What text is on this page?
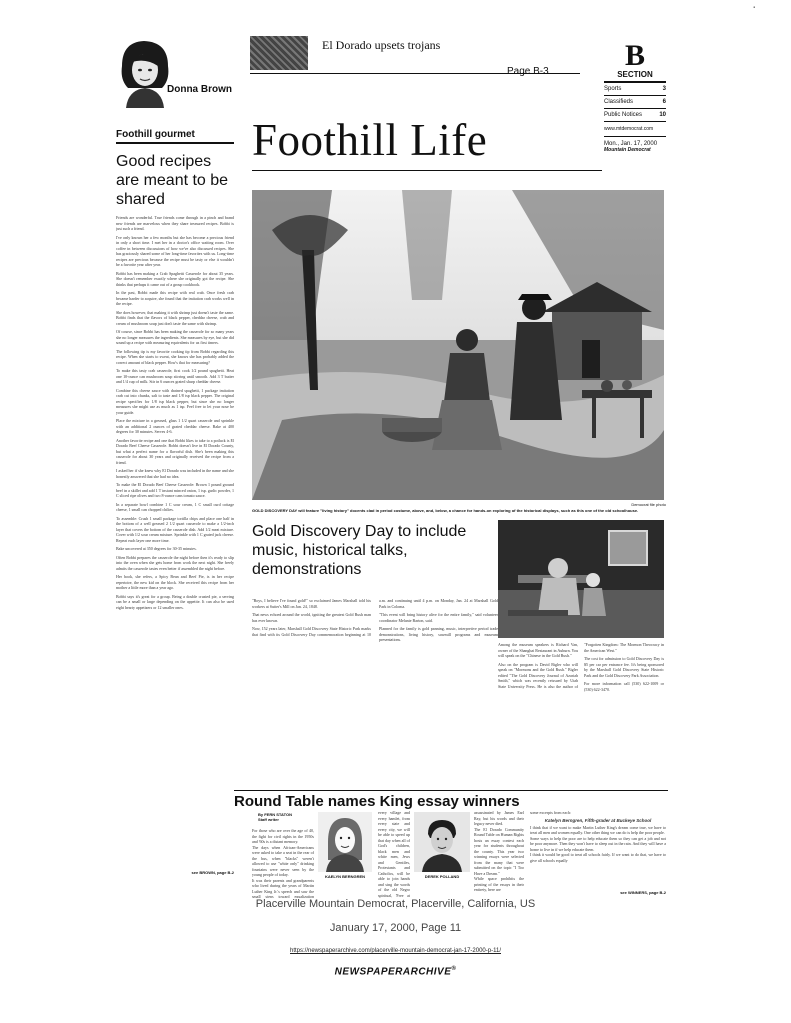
ꞏ
Donna Brown
Foothill gourmet
El Dorado upsets trojans
Page B-3	B
SECTION
Sports	3
Classifieds	6
Public Notices	10
www.mtdemocrat.com
Mon., Jan. 17, 2000
Mountain Democrat
Foothill Life
Good recipes are meant to be shared

Friends are wonderful. True friends come through in a pinch and brand new friends are marvelous when they share treasured recipes. Bobbi is just such a friend.

I've only known her a few months but she has become a precious friend in only a short time. I met her in a doctor's office waiting room. Over coffee in between discussions of how we've also discussed recipes. She has graciously shared some of her long-time favorites with us. Long-time recipes are precious because the recipe must be tasty or else it wouldn't be a favorite year after year.

Bobbi has been making a Crab Spaghetti Casserole for about 35 years. She doesn't remember exactly where she originally got the recipe. She thinks that perhaps it came out of a group cookbook.

In the past, Bobbi made this recipe with real crab. Once fresh crab became harder to acquire, she found that the imitation crab works well in the recipe.

She does however, that making it with shrimp just doesn't taste the same. Bobbi finds that the flavors of black pepper, cheddar cheese, crab and cream of mushroom soup just don't taste the same with shrimp.

Of course, since Bobbi has been making the casserole for so many years she no longer measures the ingredients. She measures by eye, but she did sound up a recipe with measuring equivalents for us first timers.

The following tip is my favorite cooking tip from Bobbi regarding this recipe. When she starts to sweat, she knows she has probably added the correct amount of black pepper. How's that for measuring?

To make this tasty crab casserole, first cook 1/2 pound spaghetti. Heat one 10-ounce can mushroom soup stirring until smooth. Add 3 T butter and 1/4 cup of milk. Stir in 6 ounces grated sharp cheddar cheese.

Combine this cheese sauce with drained spaghetti, 1 package imitation crab cut into chunks, salt to taste and 1/8 tsp black pepper. The original recipe specifies for 1/8 tsp black pepper, but since she no longer measures she might use as much as 1 tsp. Feel free to let your nose be your guide.

Place the mixture in a greased, glass 1 1/2 quart casserole and sprinkle with an additional 2 ounces of grated cheddar cheese. Bake at 400 degrees for 30 minutes. Serves 4-6.

Another favorite recipe and one that Bobbi likes to take to a potluck is El Dorado Beef Cheese Casserole. Bobbi doesn't live in El Dorado County, but what a perfect name for a flavorful dish. She's been making this casserole for about 30 years and originally received the recipe from a friend.

I asked her if she knew why El Dorado was included in the name and she honestly answered that she had no idea.

To make the El Dorado Beef Cheese Casserole: Brown 1 pound ground beef in a skillet and add 1 T instant minced onion, 1 tsp. garlic powder, 1 C sliced ripe olives and two 8-ounce cans tomato sauce.

In a separate bowl combine 1 C sour cream, 1 C small curd cottage cheese, 1 small can chopped chilies.

To assemble: Crush 1 small package tortilla chips and place one half in the bottom of a well greased 2 1/2 quart casserole to make a 1/2-inch layer that covers the bottom of the casserole dish. Add 1/2 meat mixture. Cover with 1/2 sour cream mixture. Sprinkle with 1 C grated jack cheese. Repeat each layer one more time.

Bake uncovered at 350 degrees for 30-35 minutes.

Often Bobbi prepares the casserole the night before then it's ready to slip into the oven when she gets home from work the next night. She freely admits the casserole tastes even better if assembled the night before.

Her book, she refers, a Spicy Bean and Beef Pie, is in her recipe repertoire, the new kid on the block. She received this recipe from her mother a little more than a year ago.

Bobbi says it's great for a group. Being a double crusted pie, a serving can be a small or large depending on the appetite. It can also be used eight hearty appetizers or 12 smaller ones.

see BROWN, page B-2
Democrat file photo
GOLD DISCOVERY DAY will feature "living history" docents clad in period costume, above, and, below, a chance for hands-on exploring of the historical displays, such as this one of the old schoolhouse.
Gold Discovery Day to include music, historical talks, demonstrations

"Boys, I believe I've found gold!" so exclaimed James Marshall told his workers at Sutter's Mill on Jan. 24, 1848.

That news echoed around the world, igniting the greatest Gold Rush man has ever known.

Now, 152 years later, Marshall Gold Discovery State Historic Park marks that find with its Gold Discovery Day commemoration beginning at 10 a.m. and continuing until 4 p.m. on Monday, Jan. 24 at Marshall Gold Park in Coloma.

"This event will bring history alive for the entire family," said volunteer coordinator Melanie Barton, said.

Planned for the family is gold panning, music, interpretive period trade demonstrations, living history, sawmill programs and museum presentations.

Among the museum speakers is Richard Van, owner of the Shanghai Restaurant in Auburn. You will speak on the "Chinese in the Gold Rush."

Also on the program is David Bigler who will speak on "Mormons and the Gold Rush." Bigler edited "The Gold Discovery Journal of Azariah Smith," which was recently reissued by Utah State University Press. He is also the author of "Forgotten Kingdom: The Mormon Theocracy in the American West."

The cost for admission to Gold Discovery Day is $5 per car per entrance fee. It's being sponsored by the Marshall Gold Discovery State Historic Park and the Gold Discovery Park Association.

For more information call (530) 622-1009 or (530) 622-3470.

Round Table names King essay winners
By FERN STATON
Staff writer

For those who are over the age of 40, the fight for civil rights in the 1950s and '60s is a distant memory.

The days when African-Americans were asked to take a seat in the rear of the bus, when "blacks" weren't allowed to use "white only" drinking fountains were never seen by the young people of today.

It was their parents and grandparents who lived during the years of Martin Luther King Jr.'s speech and saw the small steps toward equalization

KAELYN BERNGREN

every village and every hamlet, from every state and every city, we will be able to speed up that day when all of God's children, black men and white men, Jews and Gentiles, Protestants and Catholics, will be able to join hands and sing the words of the old Negro spiritual, 'Free at

DEREK POLLAND

assassinated by James Earl Ray, but his words and their legacy never died.

The El Dorado Community Round Table on Human Rights hosts an essay contest each year for students throughout the county. This year two winning essays were selected from the many that were submitted on the topic "I Too Have a Dream."

While space prohibits the printing of the essays in their entirety, here are

some excerpts from each:

Katelyn Berngren, Fifth-grader at Buckeye School

I think that if we want to make Martin Luther King's dream come true, we have to treat all men and women equally. One other thing we can do is help the poor people.

Some ways to help the poor are to help educate them so they can get a job and not be poor anymore. Then they won't have to sleep out in the rain. And they will have a home to live in if we help educate them.

I think it would be good to treat all schools fairly. If we want to do that, we have to give all schools equally

see WINNERS, page B-2
Placerville Mountain Democrat, Placerville, California, US
January 17, 2000, Page 11
https://newspaperarchive.com/placerville-mountain-democrat-jan-17-2000-p-11/
NEWSPAPERARCHIVE®
